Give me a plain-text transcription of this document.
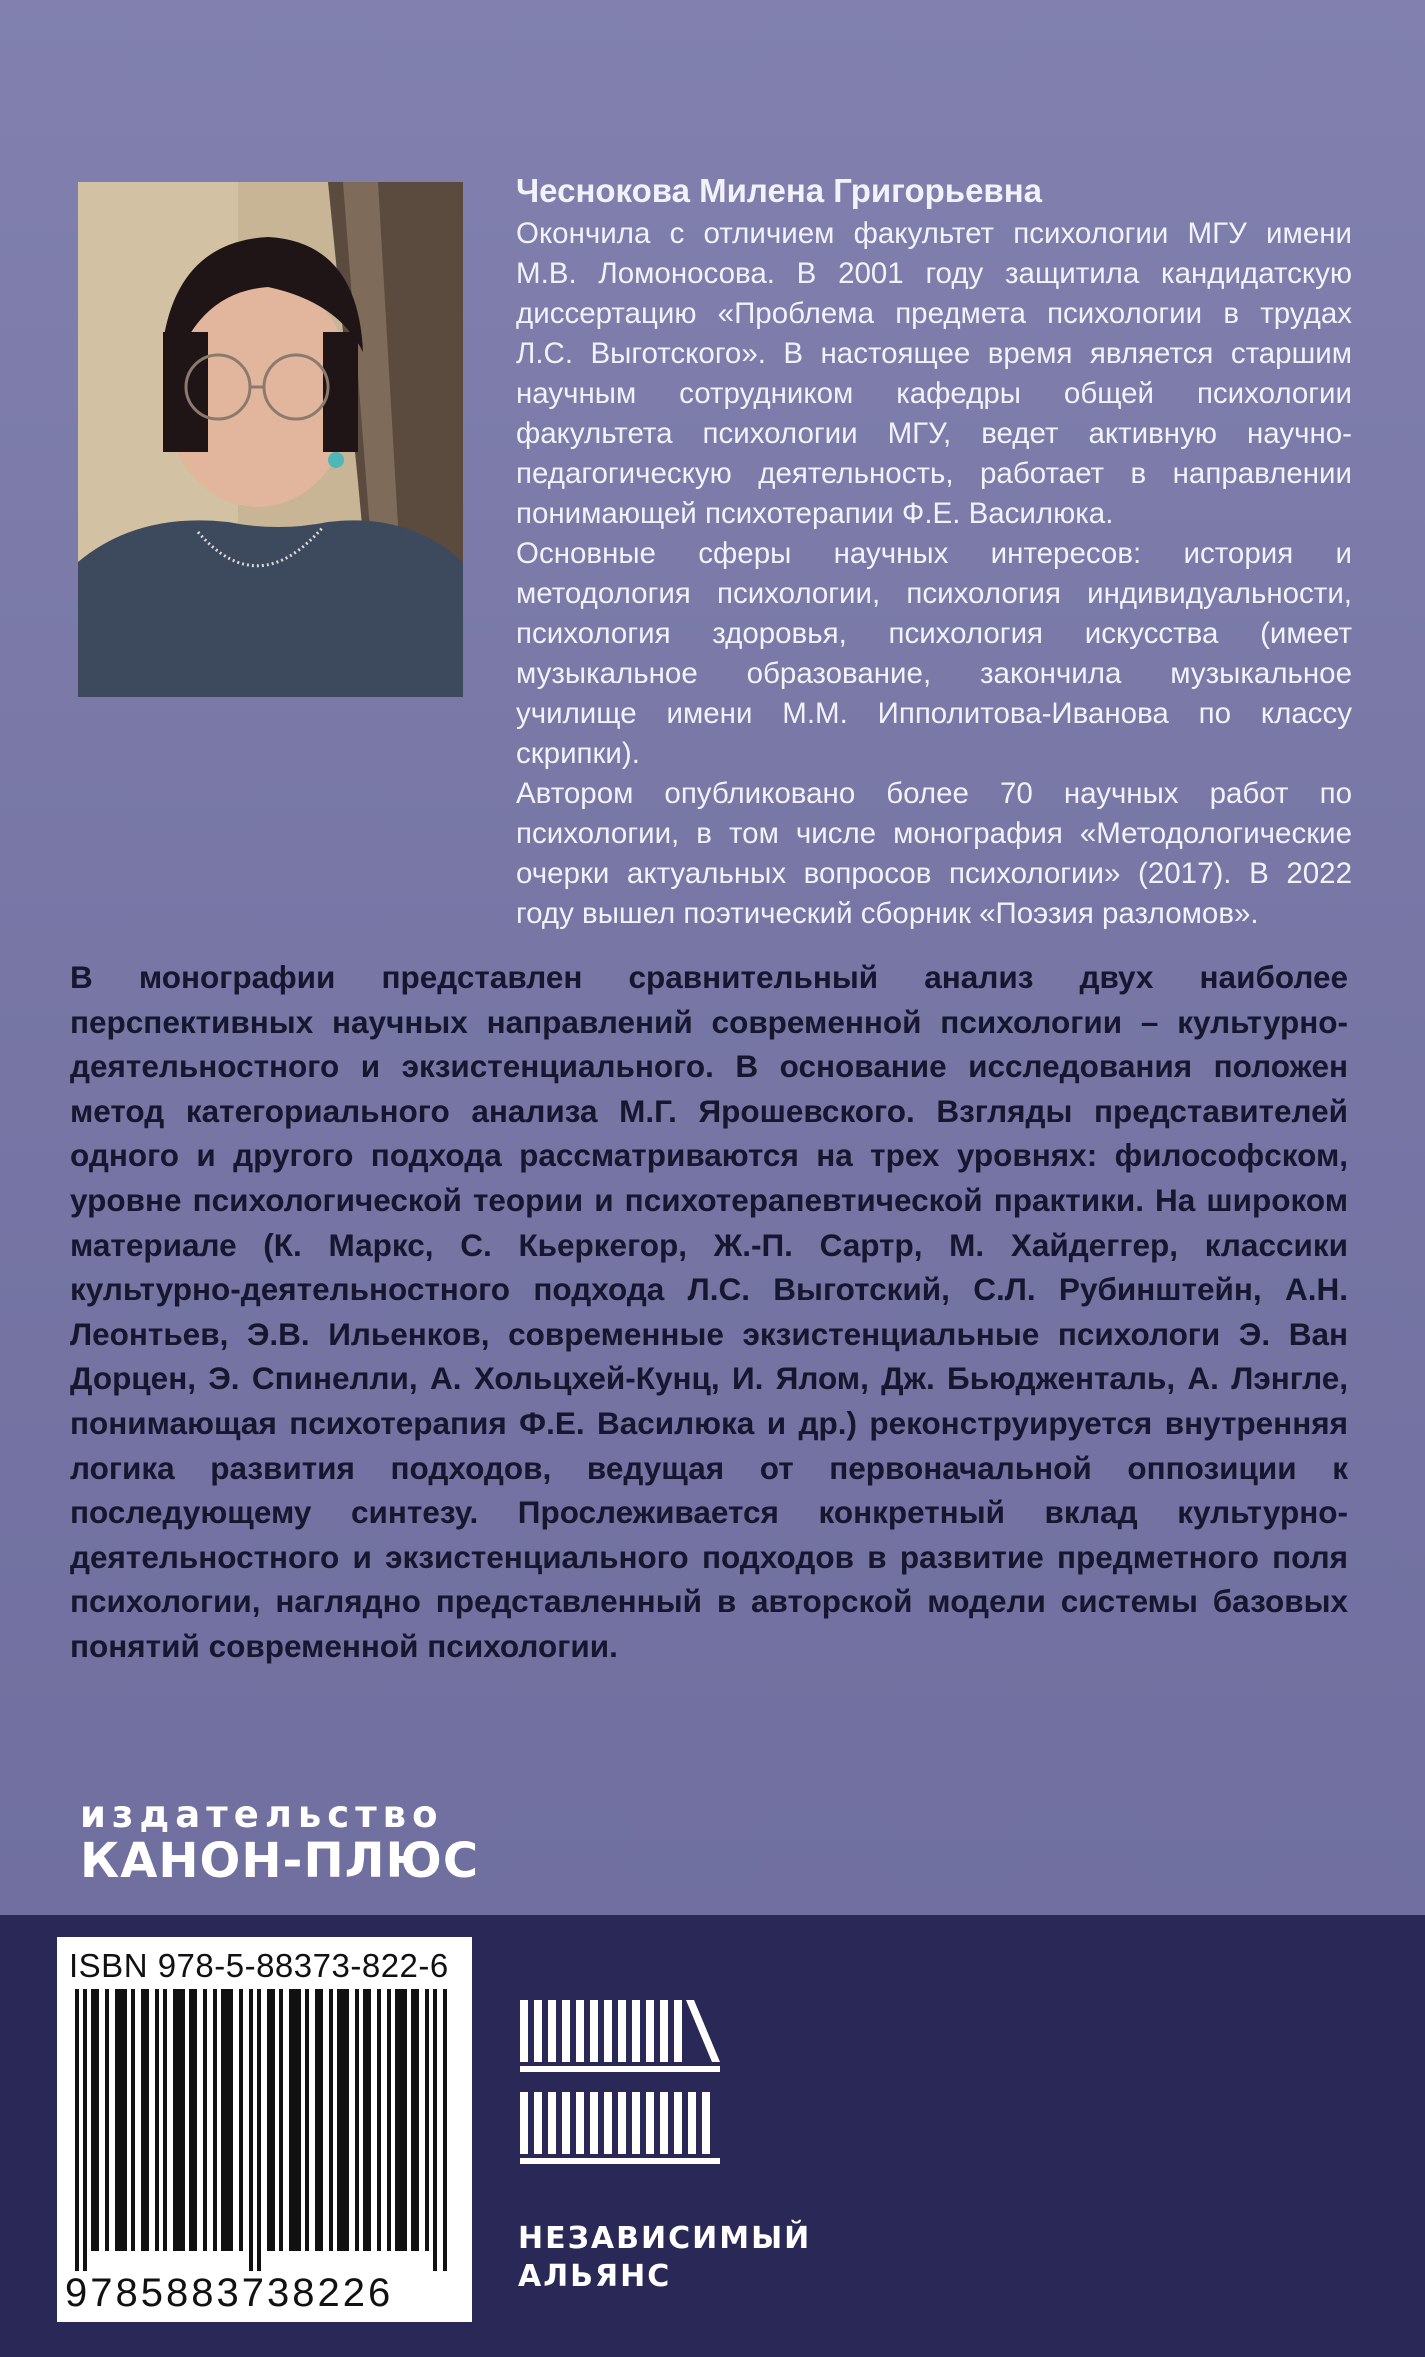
Чеснокова Милена Григорьевна

Окончила с отличием факультет психологии МГУ имени М.В. Ломоносова. В 2001 году защитила кандидатскую диссертацию «Проблема предмета психологии в трудах Л.С. Выготского». В настоящее время является старшим научным сотрудником кафедры общей психологии факультета психологии МГУ, ведет активную научно-педагогическую деятельность, работает в направлении понимающей психотерапии Ф.Е. Василюка.

Основные сферы научных интересов: история и методология психологии, психология индивидуальности, психология здоровья, психология искусства (имеет музыкальное образование, закончила музыкальное училище имени М.М. Ипполитова-Иванова по классу скрипки).

Автором опубликовано более 70 научных работ по психологии, в том числе монография «Методологические очерки актуальных вопросов психологии» (2017). В 2022 году вышел поэтический сборник «Поэзия разломов».

В монографии представлен сравнительный анализ двух наиболее перспективных научных направлений современной психологии – культурно-деятельностного и экзистенциального. В основание исследования положен метод категориального анализа М.Г. Ярошевского. Взгляды представителей одного и другого подхода рассматриваются на трех уровнях: философском, уровне психологической теории и психотерапевтической практики. На широком материале (К. Маркс, С. Кьеркегор, Ж.-П. Сартр, М. Хайдеггер, классики культурно-деятельностного подхода Л.С. Выготский, С.Л. Рубинштейн, А.Н. Леонтьев, Э.В. Ильенков, современные экзистенциальные психологи Э. Ван Дорцен, Э. Спинелли, А. Хольцхей-Кунц, И. Ялом, Дж. Бьюдженталь, А. Лэнгле, понимающая психотерапия Ф.Е. Василюка и др.) реконструируется внутренняя логика развития подходов, ведущая от первоначальной оппозиции к последующему синтезу. Прослеживается конкретный вклад культурно-деятельностного и экзистенциального подходов в развитие предметного поля психологии, наглядно представленный в авторской модели системы базовых понятий современной психологии.

издательство
КАНОН-ПЛЮС
ISBN 978-5-88373-822-6
9785883738226
НЕЗАВИСИМЫЙ
АЛЬЯНС
